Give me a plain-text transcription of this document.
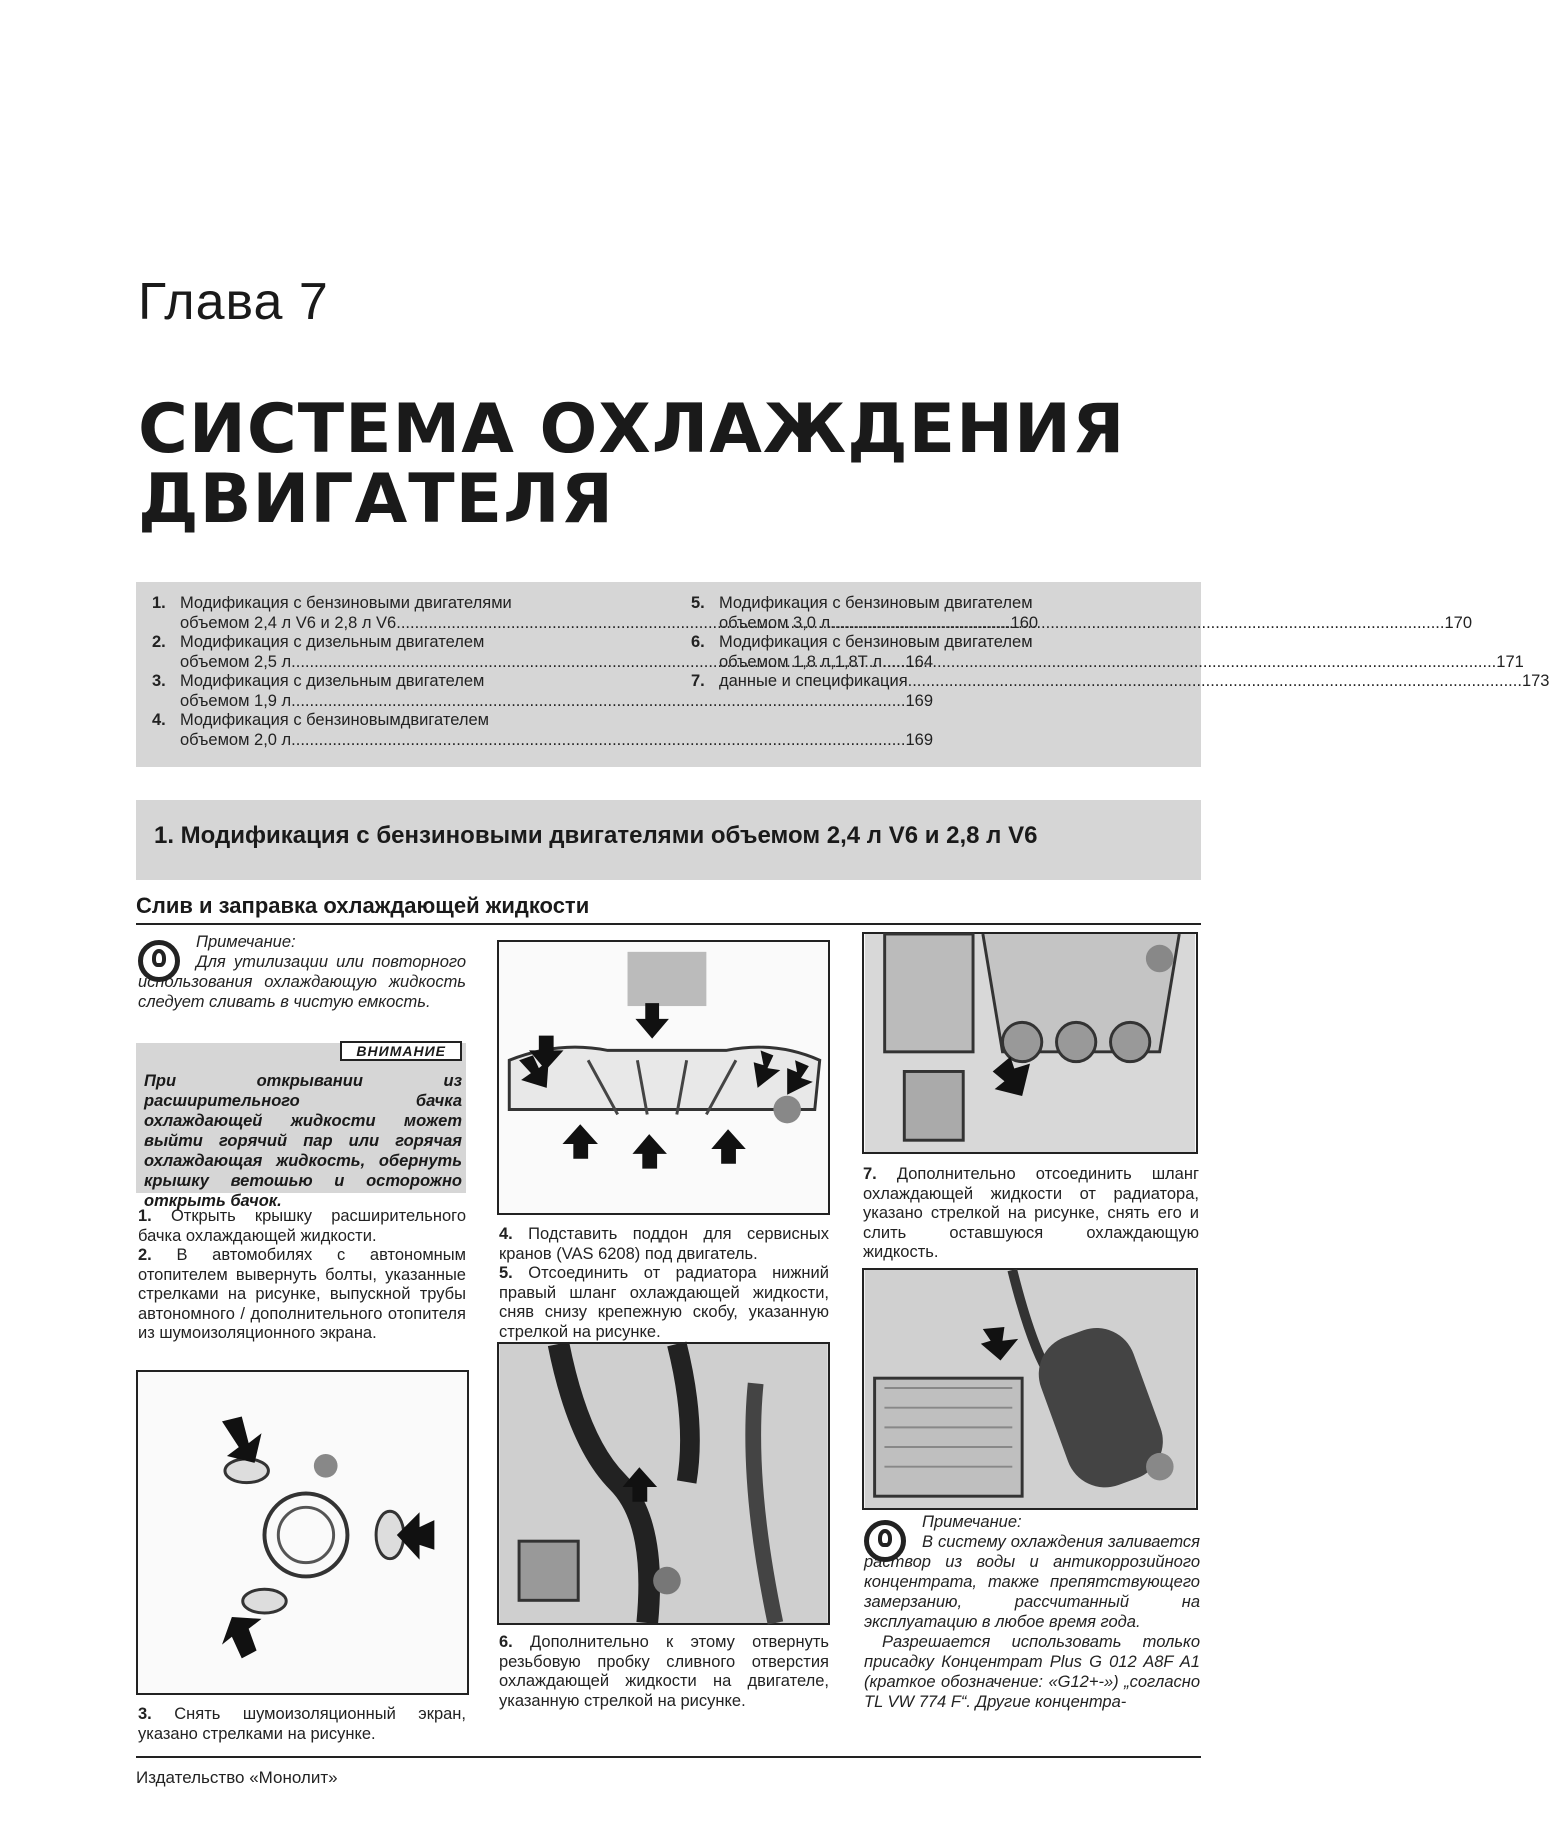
Глава 7
СИСТЕМА ОХЛАЖДЕНИЯ ДВИГАТЕЛЯ
1. Модификация с бензиновыми двигателями
объемом 2,4 л V6 и 2,8 л V6 .....	160
2. Модификация с дизельным двигателем
объемом 2,5 л .....	164
3. Модификация с дизельным двигателем
объемом 1,9 л .....	169
4. Модификация с бензиновымдвигателем
объемом 2,0 л .....	169
5. Модификация с бензиновым двигателем
объемом 3,0 л .....	170
6. Модификация с бензиновым двигателем
объемом 1,8 л,1,8Т л .....	171
7. данные и спецификация .....	173
1. Модификация с бензиновыми двигателями объемом 2,4 л V6 и 2,8 л V6
Слив и заправка охлаждающей жидкости
Примечание:
Для утилизации или повторного использования охлаждающую жидкость следует сливать в чистую емкость.
ВНИМАНИЕ
При открывании из расширительного бачка охлаждающей жидкости может выйти горячий пар или горячая охлаждающая жидкость, обернуть крышку ветошью и осторожно открыть бачок.
1. Открыть крышку расширительного бачка охлаждающей жидкости.
2. В автомобилях с автономным отопителем вывернуть болты, указанные стрелками на рисунке, выпускной трубы автономного / дополнительного отопителя из шумоизоляционного экрана.
3. Снять шумоизоляционный экран, указано стрелками на рисунке.
4. Подставить поддон для сервисных кранов (VAS 6208) под двигатель.
5. Отсоединить от радиатора нижний правый шланг охлаждающей жидкости, сняв снизу крепежную скобу, указанную стрелкой на рисунке.
6. Дополнительно к этому отвернуть резьбовую пробку сливного отверстия охлаждающей жидкости на двигателе, указанную стрелкой на рисунке.
7. Дополнительно отсоединить шланг охлаждающей жидкости от радиатора, указано стрелкой на рисунке, снять его и слить оставшуюся охлаждающую жидкость.
Примечание:
В систему охлаждения заливается раствор из воды и антикоррозийного концентрата, также препятствующего замерзанию, рассчитанный на эксплуатацию в любое время года.
Разрешается использовать только присадку Концентрат Plus G 012 A8F A1 (краткое обозначение: «G12+-») „согласно TL VW 774 F“. Другие концентра-
Издательство «Монолит»
